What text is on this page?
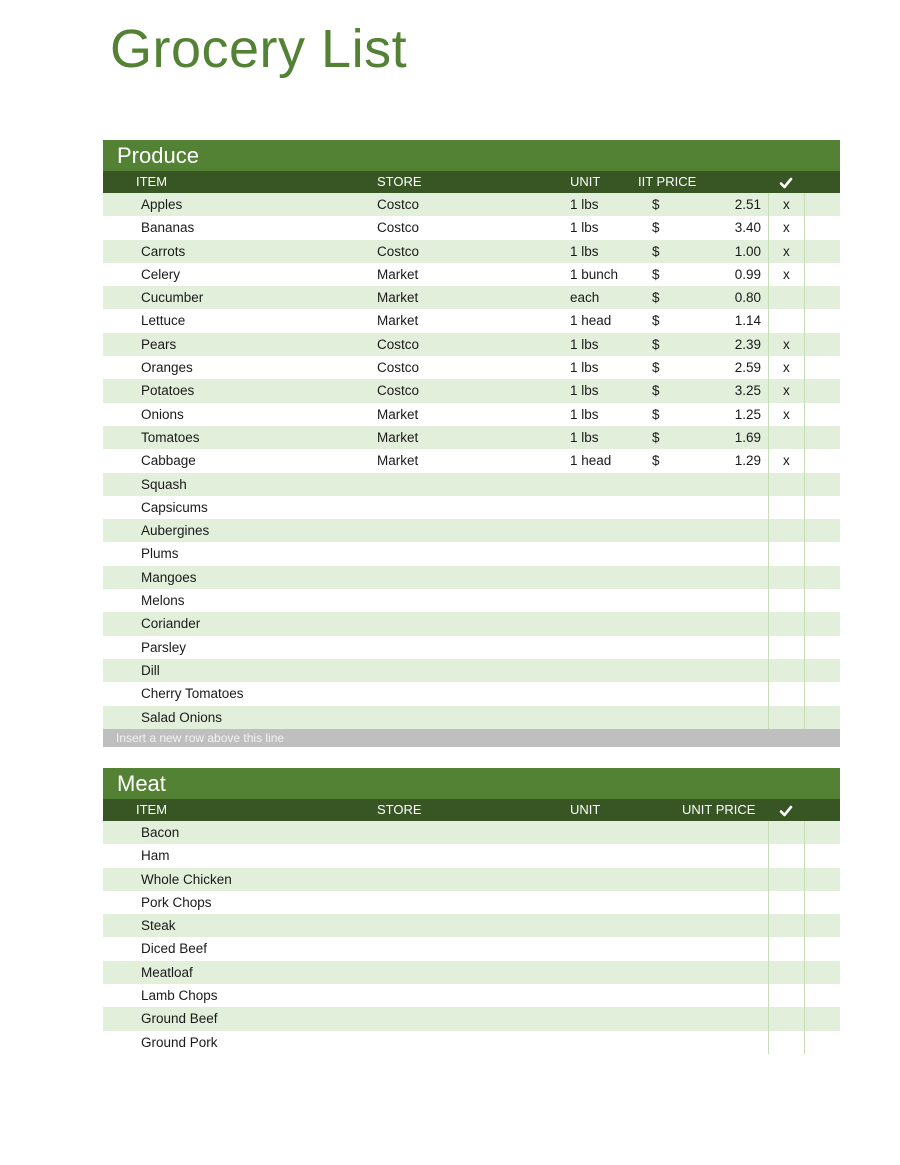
Grocery List
Produce
ITEM	STORE	UNIT	IIT PRICE
Apples	Costco	1 lbs	$	2.51 x
Bananas	Costco	1 lbs	$	3.40 x
Carrots	Costco	1 lbs	$	1.00 x
Celery	Market	1 bunch	$	0.99 x
Cucumber	Market	each	$	0.80
Lettuce	Market	1 head	$	1.14
Pears	Costco	1 lbs	$	2.39 x
Oranges	Costco	1 lbs	$	2.59 x
Potatoes	Costco	1 lbs	$	3.25 x
Onions	Market	1 lbs	$	1.25 x
Tomatoes	Market	1 lbs	$	1.69
Cabbage	Market	1 head	$	1.29 x
Squash
Capsicums
Aubergines
Plums
Mangoes
Melons
Coriander
Parsley
Dill
Cherry Tomatoes
Salad Onions
Insert a new row above this line
Meat
ITEM	STORE	UNIT	UNIT PRICE
Bacon
Ham
Whole Chicken
Pork Chops
Steak
Diced Beef
Meatloaf
Lamb Chops
Ground Beef
Ground Pork
